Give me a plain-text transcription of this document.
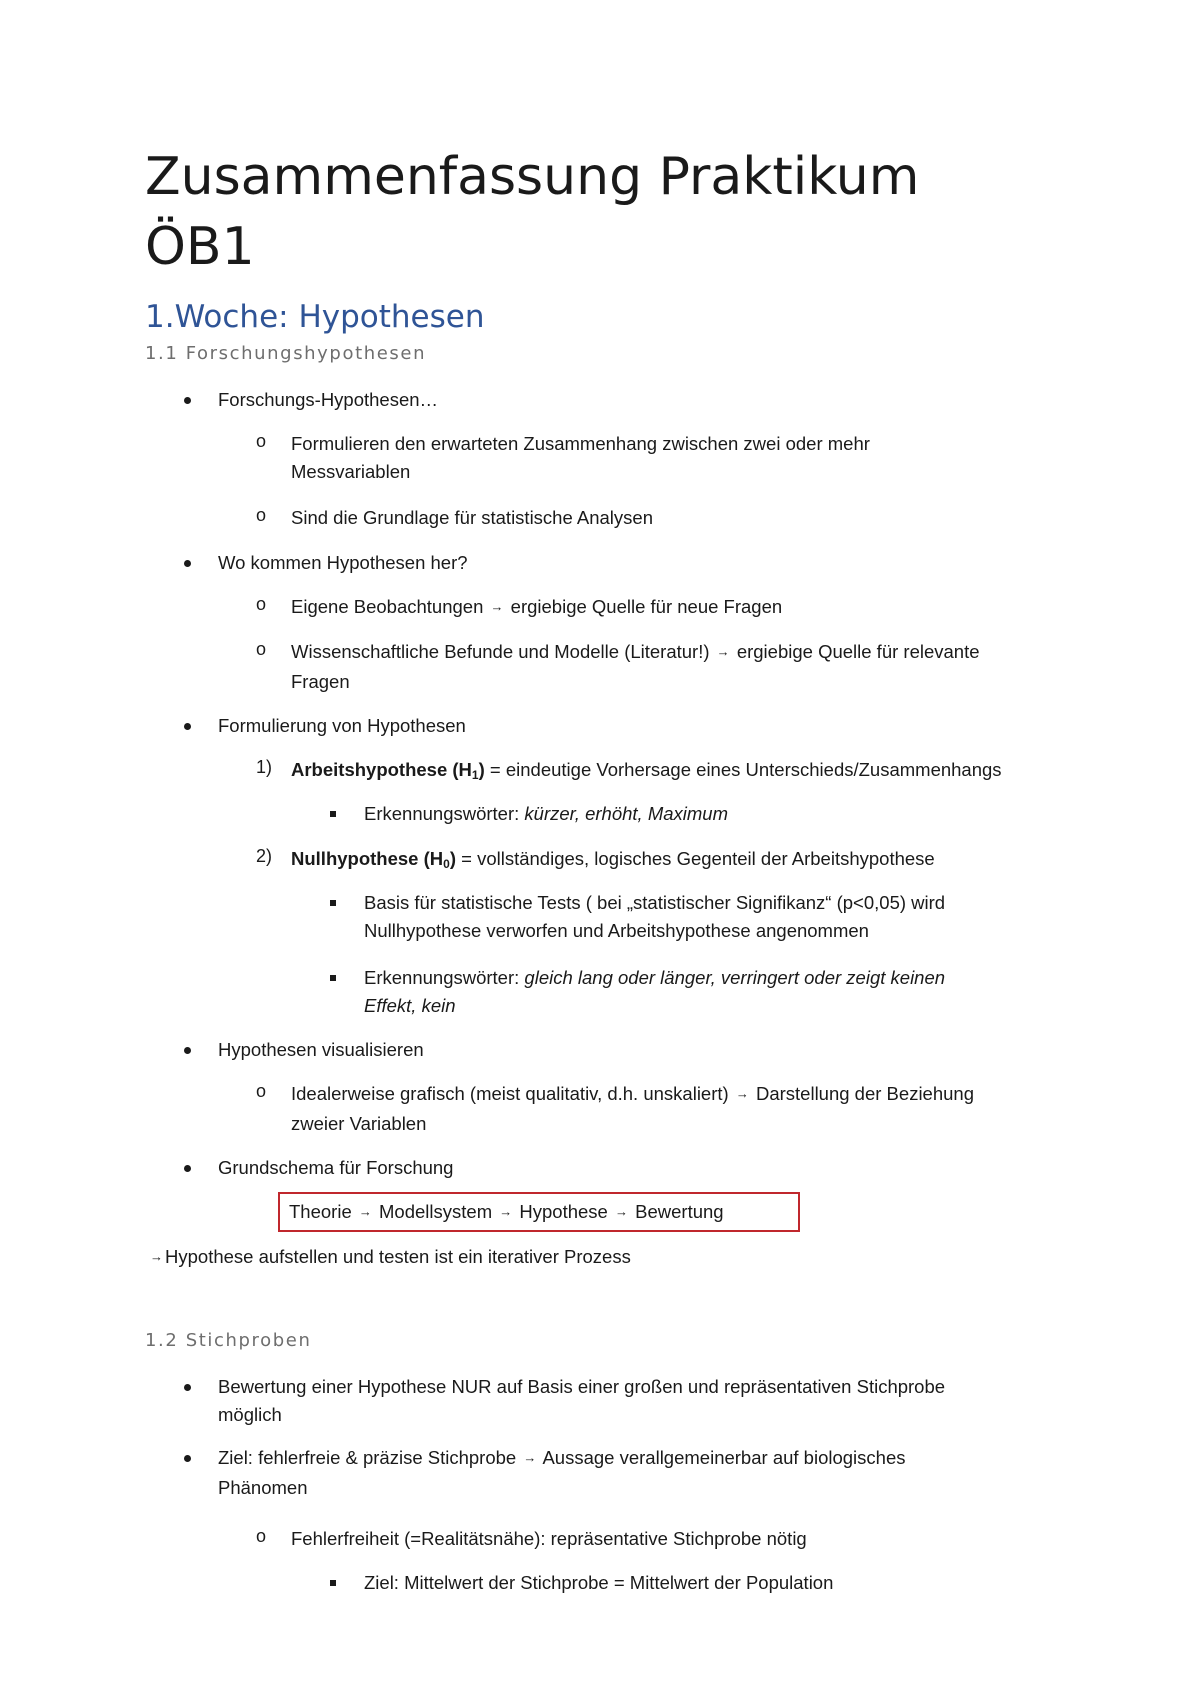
Zusammenfassung Praktikum
ÖB1
1.Woche: Hypothesen
1.1 Forschungshypothesen
Forschungs-Hypothesen…
o Formulieren den erwarteten Zusammenhang zwischen zwei oder mehr
Messvariablen
o Sind die Grundlage für statistische Analysen
Wo kommen Hypothesen her?
o Eigene Beobachtungen → ergiebige Quelle für neue Fragen
o Wissenschaftliche Befunde und Modelle (Literatur!) → ergiebige Quelle für relevante
Fragen
Formulierung von Hypothesen
1) Arbeitshypothese $(H_1)$ = eindeutige Vorhersage eines Unterschieds/Zusammenhangs
Erkennungswörter: kürzer, erhöht, Maximum
2) Nullhypothese $(H_0)$ = vollständiges, logisches Gegenteil der Arbeitshypothese
Basis für statistische Tests ( bei „statistischer Signifikanz“ (p<0,05) wird
Nullhypothese verworfen und Arbeitshypothese angenommen
Erkennungswörter: gleich lang oder länger, verringert oder zeigt keinen
Effekt, kein
Hypothesen visualisieren
o Idealerweise grafisch (meist qualitativ, d.h. unskaliert) → Darstellung der Beziehung
zweier Variablen
Grundschema für Forschung
Theorie → Modellsystem → Hypothese → Bewertung
→ Hypothese aufstellen und testen ist ein iterativer Prozess
1.2 Stichproben
Bewertung einer Hypothese NUR auf Basis einer großen und repräsentativen Stichprobe
möglich
Ziel: fehlerfreie & präzise Stichprobe → Aussage verallgemeinerbar auf biologisches
Phänomen
o Fehlerfreiheit (=Realitätsnähe): repräsentative Stichprobe nötig
Ziel: Mittelwert der Stichprobe = Mittelwert der Population
